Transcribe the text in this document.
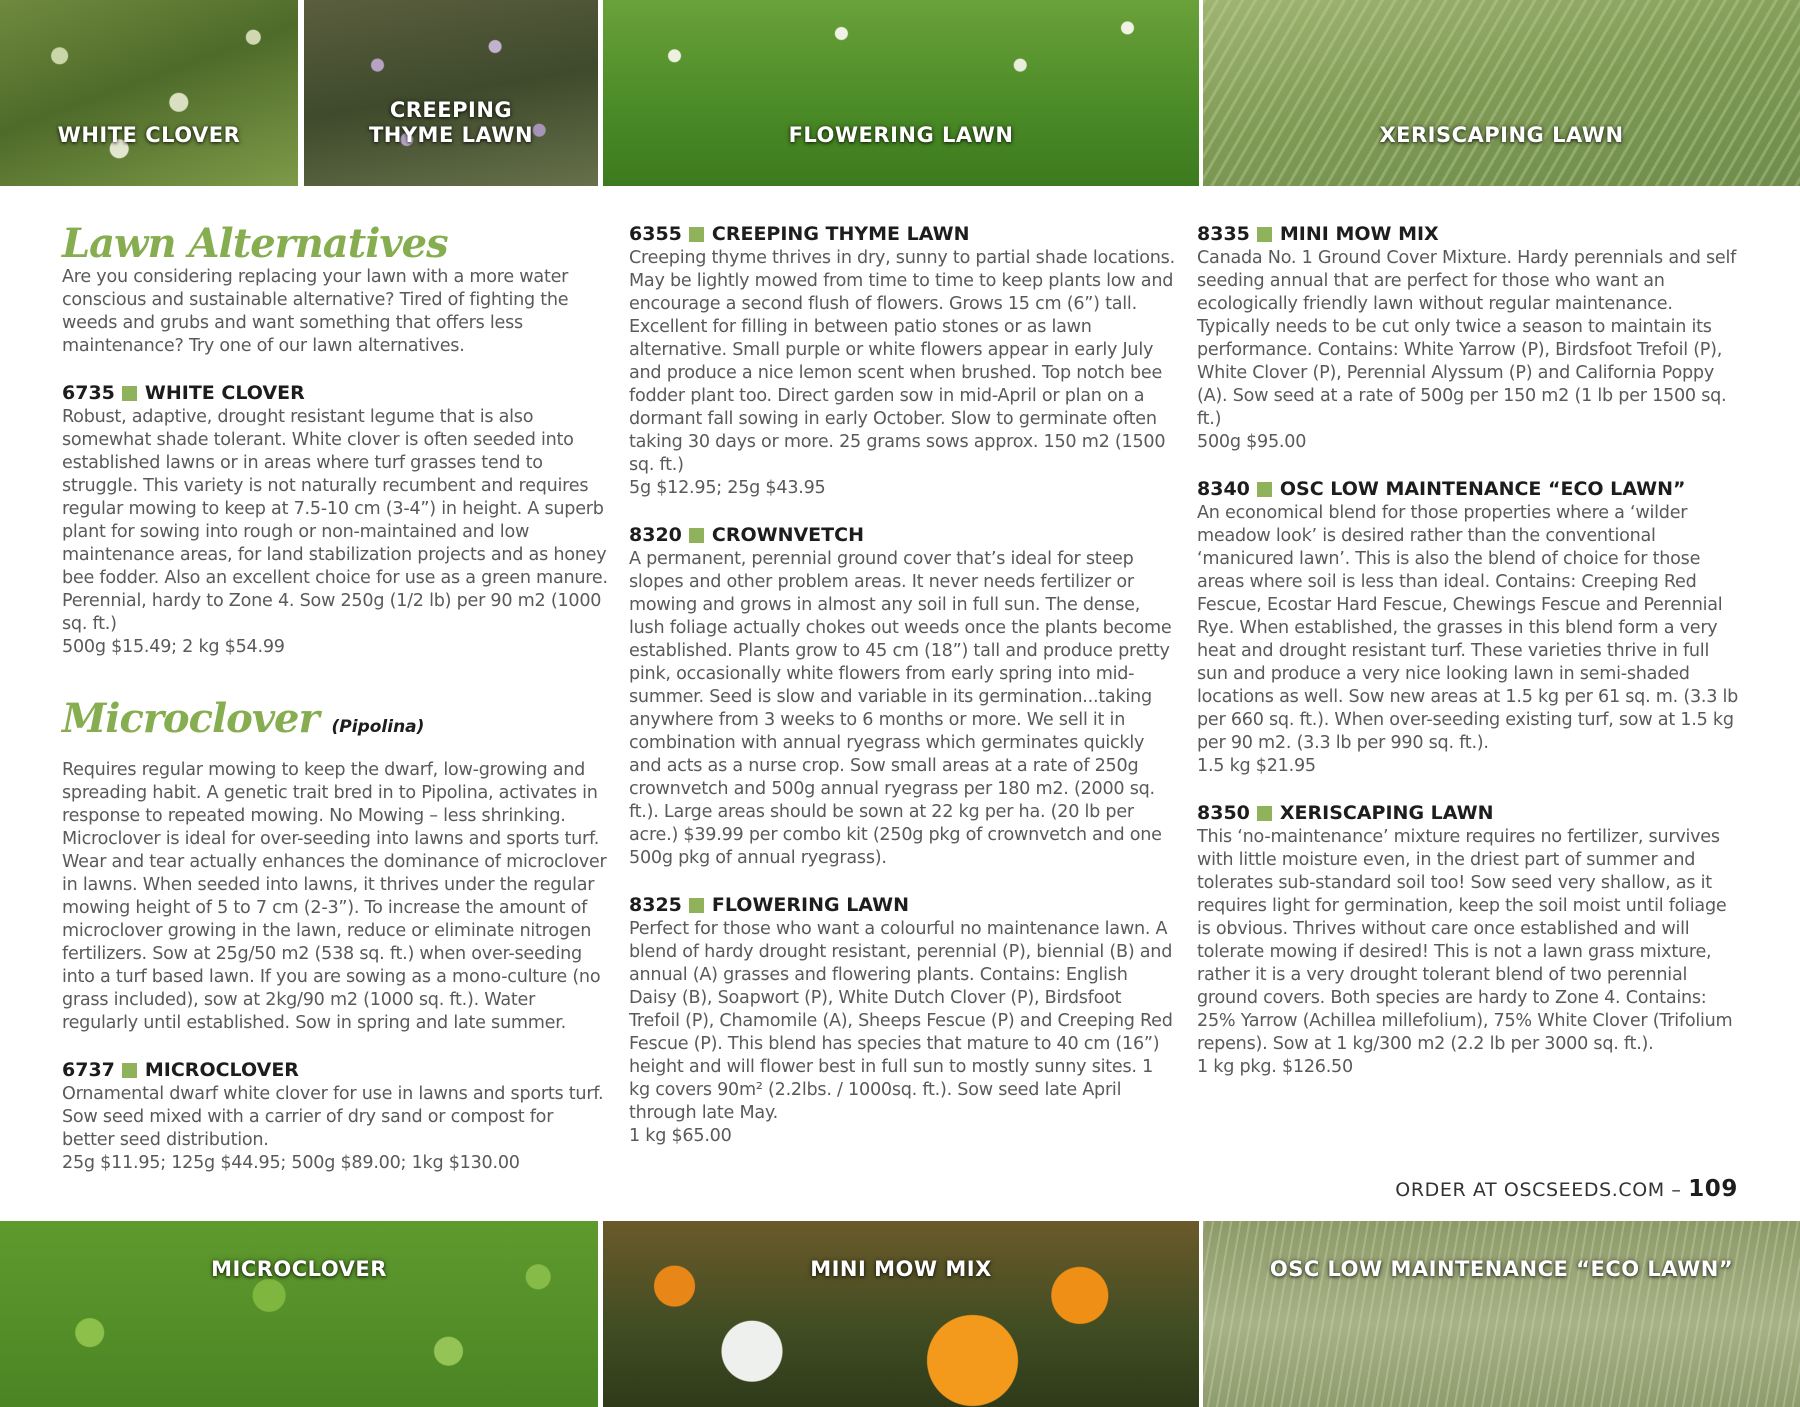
WHITE CLOVER
CREEPING
THYME LAWN	FLOWERING LAWN	XERISCAPING LAWN
Lawn Alternatives

Are you considering replacing your lawn with a more water conscious and sustainable alternative? Tired of fighting the weeds and grubs and want something that offers less maintenance? Try one of our lawn alternatives.

6735 WHITE CLOVER

Robust, adaptive, drought resistant legume that is also somewhat shade tolerant. White clover is often seeded into established lawns or in areas where turf grasses tend to struggle. This variety is not naturally recumbent and requires regular mowing to keep at 7.5-10 cm (3-4”) in height. A superb plant for sowing into rough or non-maintained and low maintenance areas, for land stabilization projects and as honey bee fodder. Also an excellent choice for use as a green manure. Perennial, hardy to Zone 4. Sow 250g (1/2 lb) per 90 m2 (1000 sq. ft.)

500g $15.49; 2 kg $54.99

Microclover (Pipolina)

Requires regular mowing to keep the dwarf, low-growing and spreading habit. A genetic trait bred in to Pipolina, activates in response to repeated mowing. No Mowing – less shrinking. Microclover is ideal for over-seeding into lawns and sports turf. Wear and tear actually enhances the dominance of microclover in lawns. When seeded into lawns, it thrives under the regular mowing height of 5 to 7 cm (2-3”). To increase the amount of microclover growing in the lawn, reduce or eliminate nitrogen fertilizers. Sow at 25g/50 m2 (538 sq. ft.) when over-seeding into a turf based lawn. If you are sowing as a mono-culture (no grass included), sow at 2kg/90 m2 (1000 sq. ft.). Water regularly until established. Sow in spring and late summer.

6737 MICROCLOVER

Ornamental dwarf white clover for use in lawns and sports turf. Sow seed mixed with a carrier of dry sand or compost for better seed distribution.

25g $11.95; 125g $44.95; 500g $89.00; 1kg $130.00

6355 CREEPING THYME LAWN

Creeping thyme thrives in dry, sunny to partial shade locations. May be lightly mowed from time to time to keep plants low and encourage a second flush of flowers. Grows 15 cm (6”) tall. Excellent for filling in between patio stones or as lawn alternative. Small purple or white flowers appear in early July and produce a nice lemon scent when brushed. Top notch bee fodder plant too. Direct garden sow in mid-April or plan on a dormant fall sowing in early October. Slow to germinate often taking 30 days or more. 25 grams sows approx. 150 m2 (1500 sq. ft.)

5g $12.95; 25g $43.95

8320 CROWNVETCH

A permanent, perennial ground cover that’s ideal for steep slopes and other problem areas. It never needs fertilizer or mowing and grows in almost any soil in full sun. The dense, lush foliage actually chokes out weeds once the plants become established. Plants grow to 45 cm (18”) tall and produce pretty pink, occasionally white flowers from early spring into mid-summer. Seed is slow and variable in its germination...taking anywhere from 3 weeks to 6 months or more. We sell it in combination with annual ryegrass which germinates quickly and acts as a nurse crop. Sow small areas at a rate of 250g crownvetch and 500g annual ryegrass per 180 m2. (2000 sq. ft.). Large areas should be sown at 22 kg per ha. (20 lb per acre.) $39.99 per combo kit (250g pkg of crownvetch and one 500g pkg of annual ryegrass).

8325 FLOWERING LAWN

Perfect for those who want a colourful no maintenance lawn. A blend of hardy drought resistant, perennial (P), biennial (B) and annual (A) grasses and flowering plants. Contains: English Daisy (B), Soapwort (P), White Dutch Clover (P), Birdsfoot Trefoil (P), Chamomile (A), Sheeps Fescue (P) and Creeping Red Fescue (P). This blend has species that mature to 40 cm (16”) height and will flower best in full sun to mostly sunny sites. 1 kg covers 90m² (2.2lbs. / 1000sq. ft.). Sow seed late April through late May.

1 kg $65.00

8335 MINI MOW MIX

Canada No. 1 Ground Cover Mixture. Hardy perennials and self seeding annual that are perfect for those who want an ecologically friendly lawn without regular maintenance. Typically needs to be cut only twice a season to maintain its performance. Contains: White Yarrow (P), Birdsfoot Trefoil (P), White Clover (P), Perennial Alyssum (P) and California Poppy (A). Sow seed at a rate of 500g per 150 m2 (1 lb per 1500 sq. ft.)

500g $95.00

8340 OSC LOW MAINTENANCE “ECO LAWN”

An economical blend for those properties where a ‘wilder meadow look’ is desired rather than the conventional ‘manicured lawn’. This is also the blend of choice for those areas where soil is less than ideal. Contains: Creeping Red Fescue, Ecostar Hard Fescue, Chewings Fescue and Perennial Rye. When established, the grasses in this blend form a very heat and drought resistant turf. These varieties thrive in full sun and produce a very nice looking lawn in semi-shaded locations as well. Sow new areas at 1.5 kg per 61 sq. m. (3.3 lb per 660 sq. ft.). When over-seeding existing turf, sow at 1.5 kg per 90 m2. (3.3 lb per 990 sq. ft.).

1.5 kg $21.95

8350 XERISCAPING LAWN

This ‘no-maintenance’ mixture requires no fertilizer, survives with little moisture even, in the driest part of summer and tolerates sub-standard soil too! Sow seed very shallow, as it requires light for germination, keep the soil moist until foliage is obvious. Thrives without care once established and will tolerate mowing if desired! This is not a lawn grass mixture, rather it is a very drought tolerant blend of two perennial ground covers. Both species are hardy to Zone 4. Contains: 25% Yarrow (Achillea millefolium), 75% White Clover (Trifolium repens). Sow at 1 kg/300 m2 (2.2 lb per 3000 sq. ft.).

1 kg pkg. $126.50

ORDER AT OSCSEEDS.COM – 109
MICROCLOVER	MINI MOW MIX	OSC LOW MAINTENANCE “ECO LAWN”
